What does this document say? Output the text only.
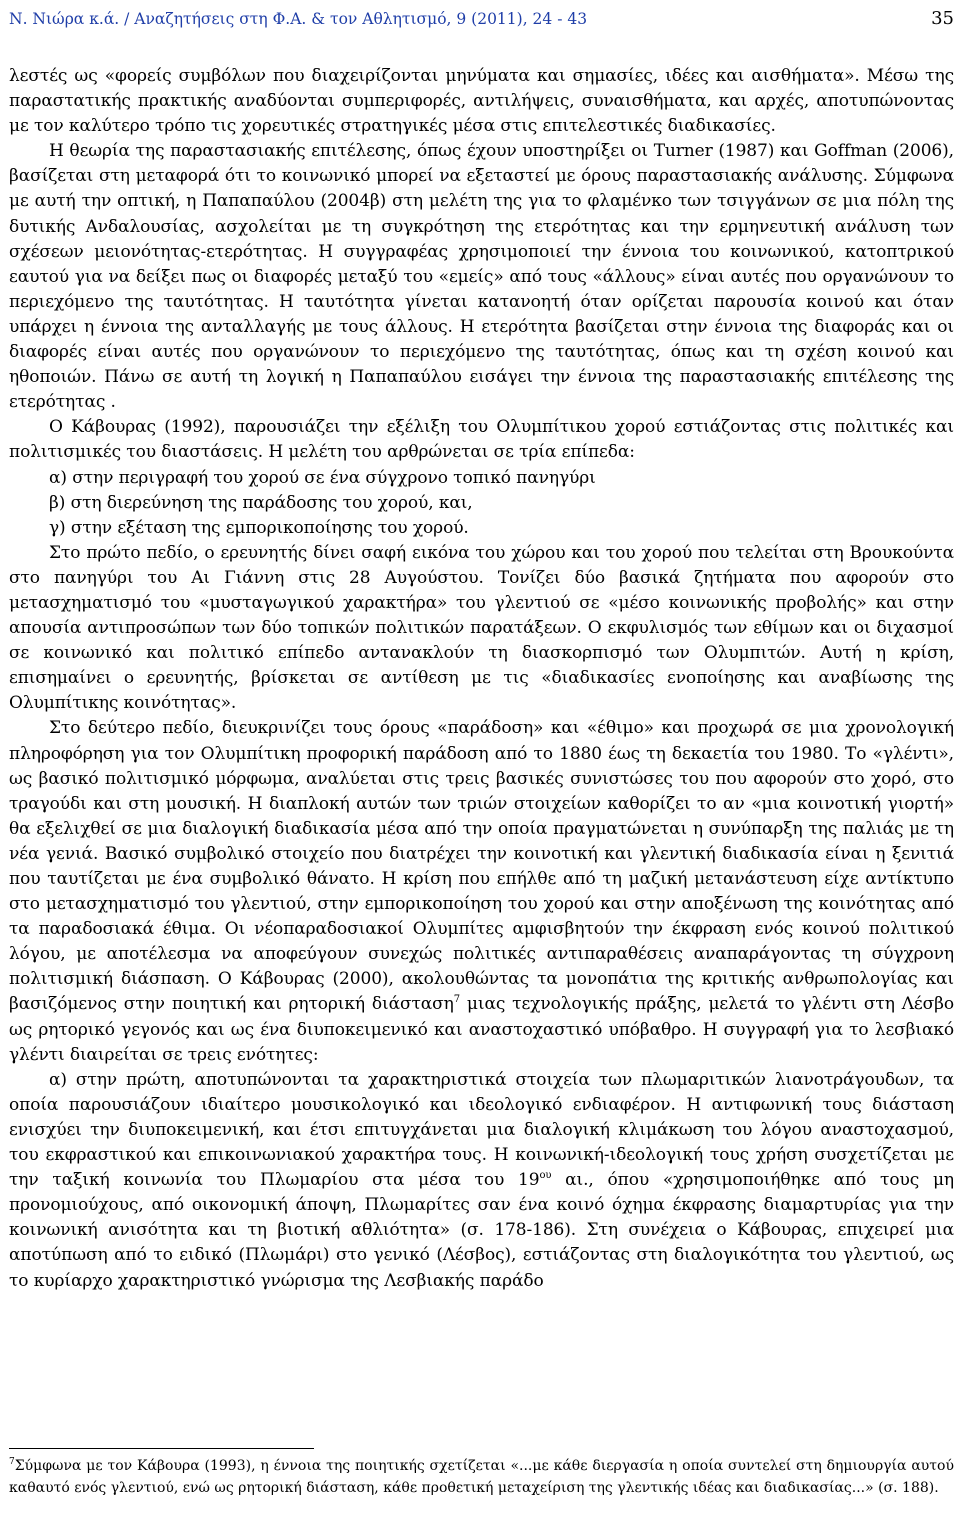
Ν. Νιώρα κ.ά. / Αναζητήσεις στη Φ.Α. & τον Αθλητισμό, 9 (2011), 24 - 43	35

λεστές ως «φορείς συμβόλων που διαχειρίζονται μηνύματα και σημασίες, ιδέες και αισθήματα». Μέσω της παραστατικής πρακτικής αναδύονται συμπεριφορές, αντιλήψεις, συναισθήματα, και αρχές, αποτυπώνοντας με τον καλύτερο τρόπο τις χορευτικές στρατηγικές μέσα στις επιτελεστικές διαδικασίες.

Η θεωρία της παραστασιακής επιτέλεσης, όπως έχουν υποστηρίξει οι Turner (1987) και Goffman (2006), βασίζεται στη μεταφορά ότι το κοινωνικό μπορεί να εξεταστεί με όρους παραστασιακής ανάλυσης. Σύμφωνα με αυτή την οπτική, η Παπαπαύλου (2004β) στη μελέτη της για το φλαμένκο των τσιγγάνων σε μια πόλη της δυτικής Ανδαλουσίας, ασχολείται με τη συγκρότηση της ετερότητας και την ερμηνευτική ανάλυση των σχέσεων μειονότητας-ετερότητας. Η συγγραφέας χρησιμοποιεί την έννοια του κοινωνικού, κατοπτρικού εαυτού για να δείξει πως οι διαφορές μεταξύ του «εμείς» από τους «άλλους» είναι αυτές που οργανώνουν το περιεχόμενο της ταυτότητας. Η ταυτότητα γίνεται κατανοητή όταν ορίζεται παρουσία κοινού και όταν υπάρχει η έννοια της ανταλλαγής με τους άλλους. Η ετερότητα βασίζεται στην έννοια της διαφοράς και οι διαφορές είναι αυτές που οργανώνουν το περιεχόμενο της ταυτότητας, όπως και τη σχέση κοινού και ηθοποιών. Πάνω σε αυτή τη λογική η Παπαπαύλου εισάγει την έννοια της παραστασιακής επιτέλεσης της ετερότητας .

Ο Κάβουρας (1992), παρουσιάζει την εξέλιξη του Ολυμπίτικου χορού εστιάζοντας στις πολιτικές και πολιτισμικές του διαστάσεις. Η μελέτη του αρθρώνεται σε τρία επίπεδα:

α) στην περιγραφή του χορού σε ένα σύγχρονο τοπικό πανηγύρι

β) στη διερεύνηση της παράδοσης του χορού, και,

γ) στην εξέταση της εμπορικοποίησης του χορού.

Στο πρώτο πεδίο, ο ερευνητής δίνει σαφή εικόνα του χώρου και του χορού που τελείται στη Βρουκούντα στο πανηγύρι του Αι Γιάννη στις 28 Αυγούστου. Τονίζει δύο βασικά ζητήματα που αφορούν στο μετασχηματισμό του «μυσταγωγικού χαρακτήρα» του γλεντιού σε «μέσο κοινωνικής προβολής» και στην απουσία αντιπροσώπων των δύο τοπικών πολιτικών παρατάξεων. Ο εκφυλισμός των εθίμων και οι διχασμοί σε κοινωνικό και πολιτικό επίπεδο αντανακλούν τη διασκορπισμό των Ολυμπιτών. Αυτή η κρίση, επισημαίνει ο ερευνητής, βρίσκεται σε αντίθεση με τις «διαδικασίες ενοποίησης και αναβίωσης της Ολυμπίτικης κοινότητας».

Στο δεύτερο πεδίο, διευκρινίζει τους όρους «παράδοση» και «έθιμο» και προχωρά σε μια χρονολογική πληροφόρηση για τον Ολυμπίτικη προφορική παράδοση από το 1880 έως τη δεκαετία του 1980. Το «γλέντι», ως βασικό πολιτισμικό μόρφωμα, αναλύεται στις τρεις βασικές συνιστώσες του που αφορούν στο χορό, στο τραγούδι και στη μουσική. Η διαπλοκή αυτών των τριών στοιχείων καθορίζει το αν «μια κοινοτική γιορτή» θα εξελιχθεί σε μια διαλογική διαδικασία μέσα από την οποία πραγματώνεται η συνύπαρξη της παλιάς με τη νέα γενιά. Βασικό συμβολικό στοιχείο που διατρέχει την κοινοτική και γλεντική διαδικασία είναι η ξενιτιά που ταυτίζεται με ένα συμβολικό θάνατο. Η κρίση που επήλθε από τη μαζική μετανάστευση είχε αντίκτυπο στο μετασχηματισμό του γλεντιού, στην εμπορικοποίηση του χορού και στην αποξένωση της κοινότητας από τα παραδοσιακά έθιμα. Οι νέοπαραδοσιακοί Ολυμπίτες αμφισβητούν την έκφραση ενός κοινού πολιτικού λόγου, με αποτέλεσμα να αποφεύγουν συνεχώς πολιτικές αντιπαραθέσεις αναπαράγοντας τη σύγχρονη πολιτισμική διάσπαση. Ο Κάβουρας (2000), ακολουθώντας τα μονοπάτια της κριτικής ανθρωπολογίας και βασιζόμενος στην ποιητική και ρητορική διάσταση$^7$ μιας τεχνολογικής πράξης, μελετά το γλέντι στη Λέσβο ως ρητορικό γεγονός και ως ένα διυποκειμενικό και αναστοχαστικό υπόβαθρο. Η συγγραφή για το λεσβιακό γλέντι διαιρείται σε τρεις ενότητες:

α) στην πρώτη, αποτυπώνονται τα χαρακτηριστικά στοιχεία των πλωμαριτικών λιανοτράγουδων, τα οποία παρουσιάζουν ιδιαίτερο μουσικολογικό και ιδεολογικό ενδιαφέρον. Η αντιφωνική τους διάσταση ενισχύει την διυποκειμενική, και έτσι επιτυγχάνεται μια διαλογική κλιμάκωση του λόγου αναστοχασμού, του εκφραστικού και επικοινωνιακού χαρακτήρα τους. Η κοινωνική-ιδεολογική τους χρήση συσχετίζεται με την ταξική κοινωνία του Πλωμαρίου στα μέσα του $19^{o\upsilon}$ αι., όπου «χρησιμοποιήθηκε από τους μη προνομιούχους, από οικονομική άποψη, Πλωμαρίτες σαν ένα κοινό όχημα έκφρασης διαμαρτυρίας για την κοινωνική ανισότητα και τη βιοτική αθλιότητα» (σ. 178-186). Στη συνέχεια ο Κάβουρας, επιχειρεί μια αποτύπωση από το ειδικό (Πλωμάρι) στο γενικό (Λέσβος), εστιάζοντας στη διαλογικότητα του γλεντιού, ως το κυρίαρχο χαρακτηριστικό γνώρισμα της Λεσβιακής παράδο

$^7$Σύμφωνα με τον Κάβουρα (1993), η έννοια της ποιητικής σχετίζεται «...με κάθε διεργασία η οποία συντελεί στη δημιουργία αυτού καθαυτό ενός γλεντιού, ενώ ως ρητορική διάσταση, κάθε προθετική μεταχείριση της γλεντικής ιδέας και διαδικασίας...» (σ. 188).
